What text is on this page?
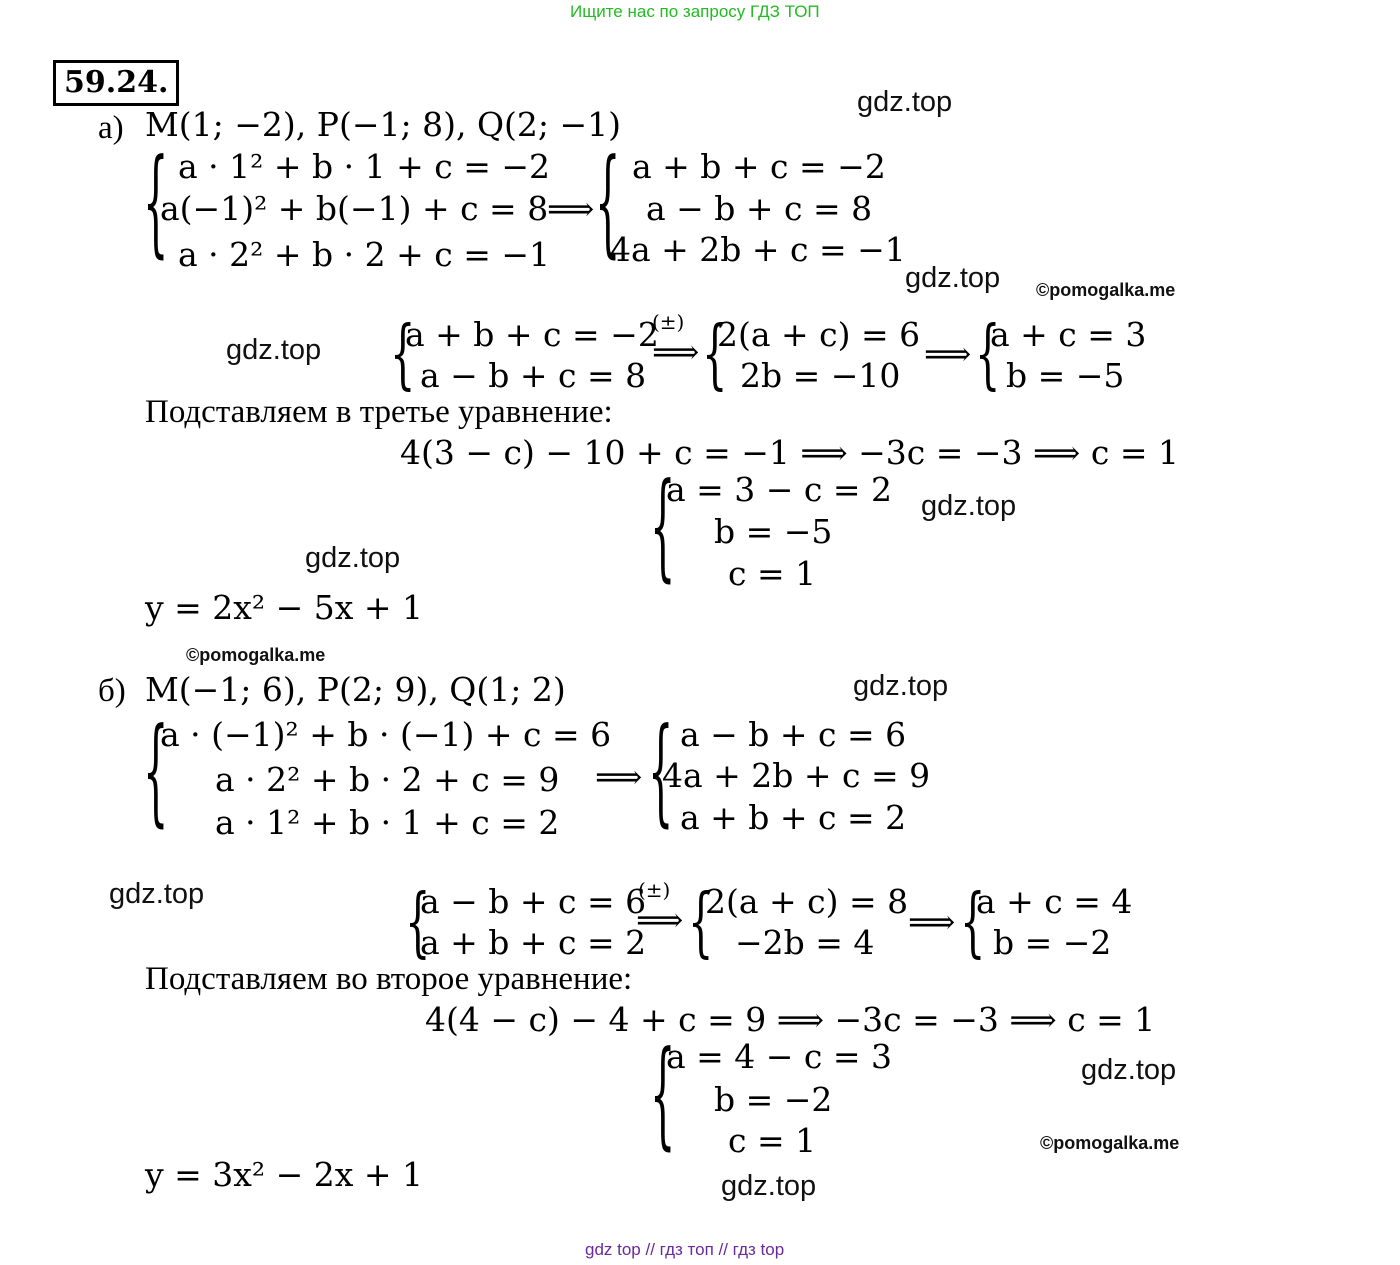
Ищите нас по запросу ГДЗ ТОП
59.24.
gdz.top
gdz.top ©pomogalka.me
gdz.top
gdz.top
gdz.top
©pomogalka.me
gdz.top
gdz.top
gdz.top
©pomogalka.me
gdz.top
а) M(1; −2), P(−1; 8), Q(2; −1)
{ a · 1² + b · 1 + c = −2
a(−1)² + b(−1) + c = 8
a · 2² + b · 2 + c = −1
⟹ { a + b + c = −2
a − b + c = 8
4a + 2b + c = −1
{
a + b + c = −2
a − b + c = 8
(±)
⟹ {
2(a + c) = 6
2b = −10
⟹ {
a + c = 3
b = −5
Подставляем в третье уравнение:
4(3 − c) − 10 + c = −1 ⟹ −3c = −3 ⟹ c = 1
{
a = 3 − c = 2
b = −5
c = 1
y = 2x² − 5x + 1
б) M(−1; 6), P(2; 9), Q(1; 2)
{
a · (−1)² + b · (−1) + c = 6
a · 2² + b · 2 + c = 9
a · 1² + b · 1 + c = 2
⟹ { a − b + c = 6
4a + 2b + c = 9
a + b + c = 2
{
a − b + c = 6
a + b + c = 2
(±)
⟹ {
2(a + c) = 8
−2b = 4
⟹ {
a + c = 4
b = −2
Подставляем во второе уравнение:
4(4 − c) − 4 + c = 9 ⟹ −3c = −3 ⟹ c = 1
{
a = 4 − c = 3
b = −2
c = 1
y = 3x² − 2x + 1
gdz top // гдз топ // гдз top
